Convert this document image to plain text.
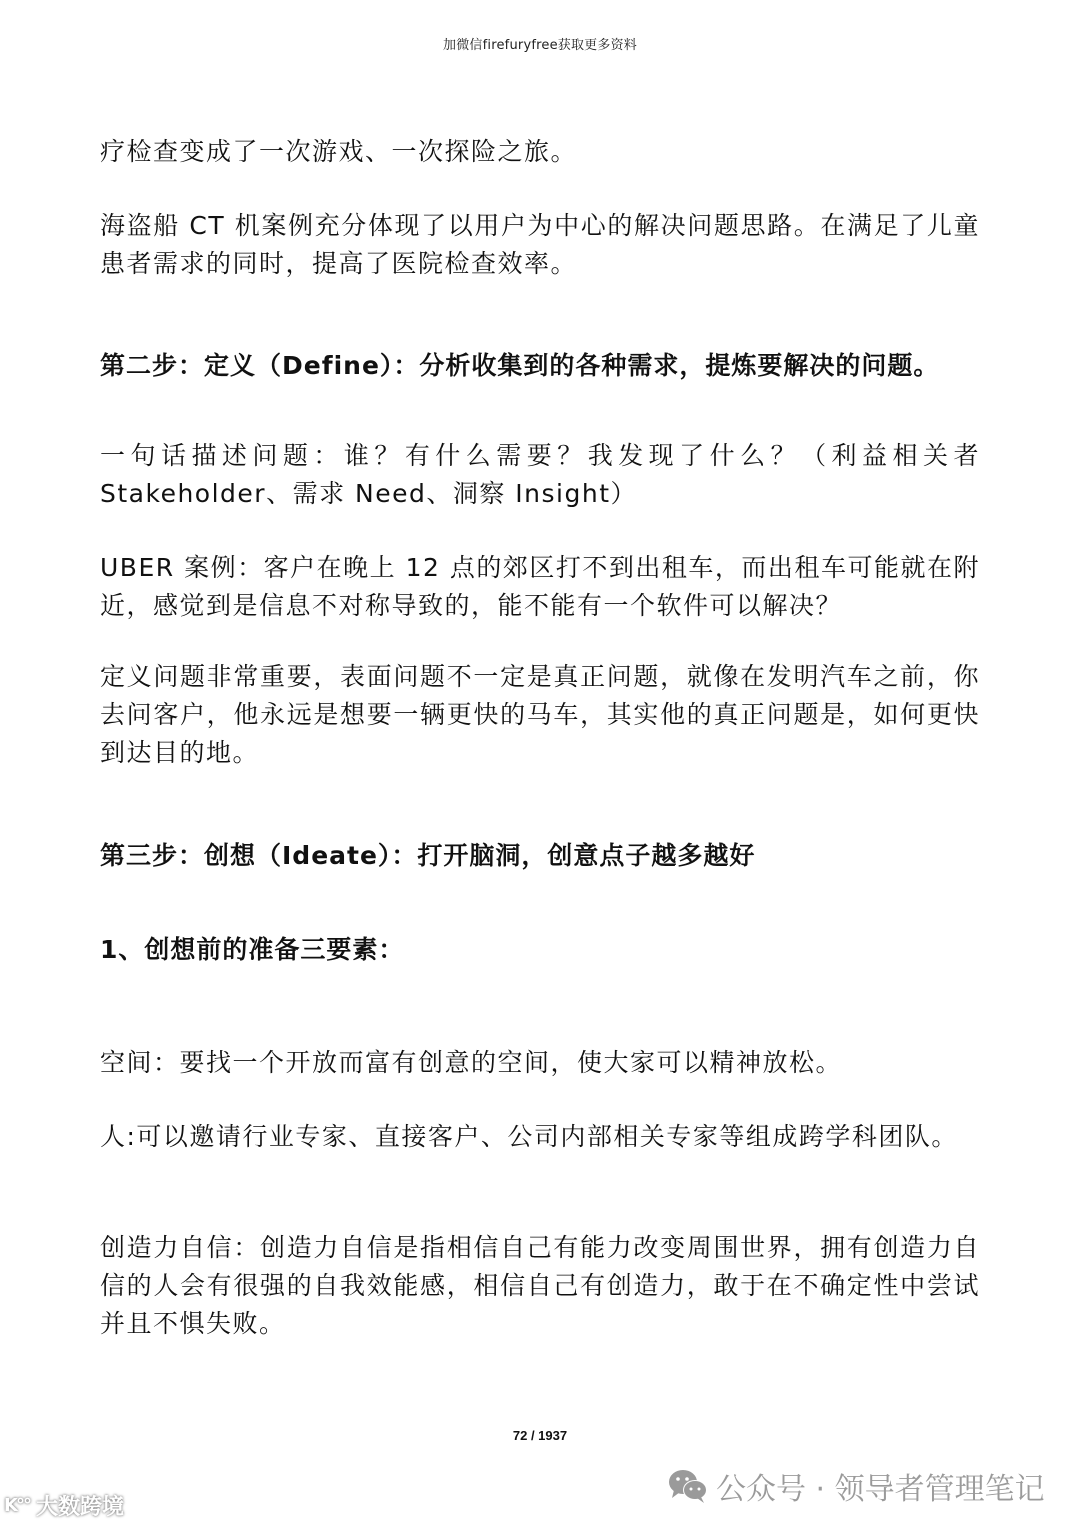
加微信firefuryfree获取更多资料
疗检查变成了一次游戏、一次探险之旅。
海盗船 CT 机案例充分体现了以用户为中心的解决问题思路。在满足了儿童患者需求的同时，提高了医院检查效率。
第二步：定义（Define）：分析收集到的各种需求，提炼要解决的问题。
一句话描述问题：谁？有什么需要？我发现了什么？（利益相关者 Stakeholder、需求 Need、洞察 Insight）
UBER 案例：客户在晚上 12 点的郊区打不到出租车，而出租车可能就在附近，感觉到是信息不对称导致的，能不能有一个软件可以解决？
定义问题非常重要，表面问题不一定是真正问题，就像在发明汽车之前，你去问客户，他永远是想要一辆更快的马车，其实他的真正问题是，如何更快到达目的地。
第三步：创想（Ideate）：打开脑洞，创意点子越多越好
1、创想前的准备三要素：
空间：要找一个开放而富有创意的空间，使大家可以精神放松。
人:可以邀请行业专家、直接客户、公司内部相关专家等组成跨学科团队。
创造力自信：创造力自信是指相信自己有能力改变周围世界，拥有创造力自信的人会有很强的自我效能感，相信自己有创造力，敢于在不确定性中尝试并且不惧失败。
72 / 1937
K°° 大数跨境
公众号 · 领导者管理笔记
